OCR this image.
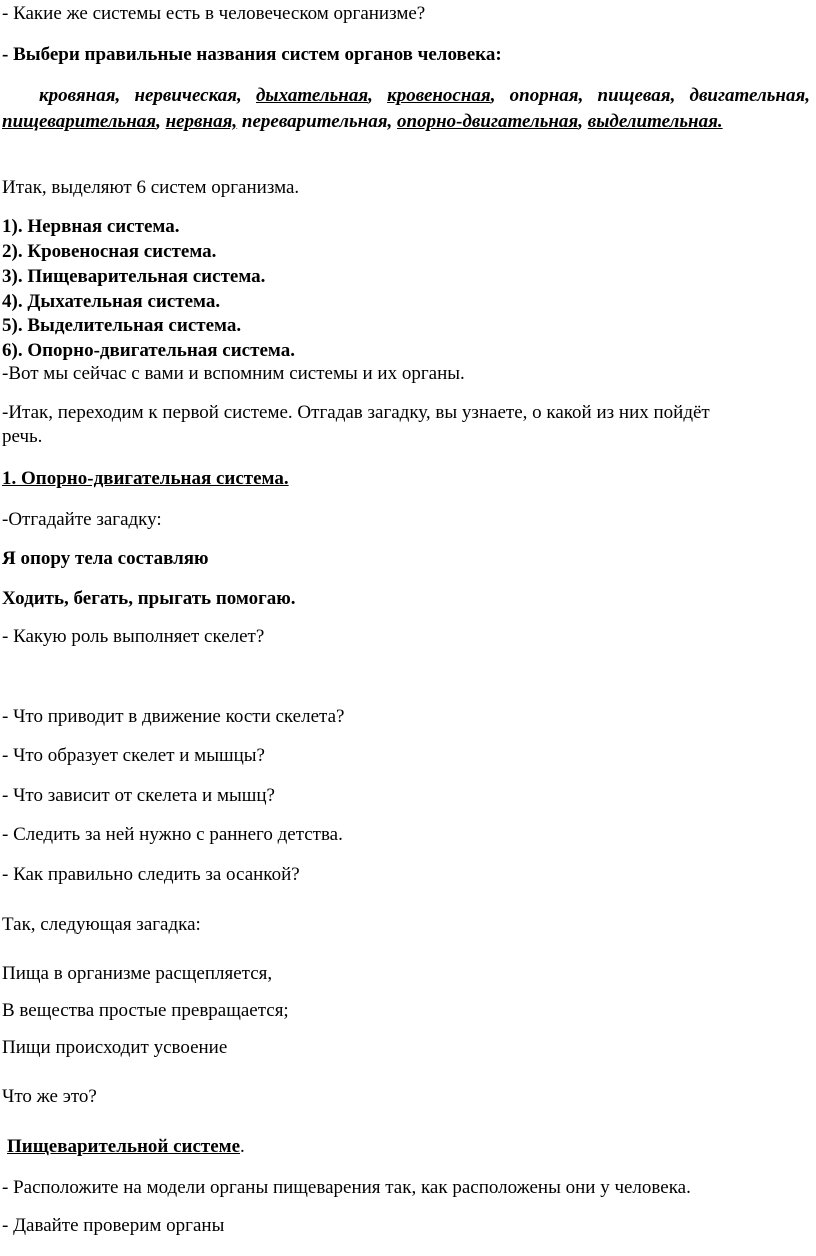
- Какие же системы есть в человеческом организме?
- Выбери правильные названия систем органов человека:
кровяная, нервическая, дыхательная, кровеносная, опорная, пищевая, двигательная, пищеварительная, нервная, переварительная, опорно-двигательная, выделительная.
Итак, выделяют 6 систем организма.
1). Нервная система.
2). Кровеносная система.
3). Пищеварительная система.
4). Дыхательная система.
5). Выделительная система.
6). Опорно-двигательная система.
-Вот мы сейчас с вами и вспомним системы и их органы.
-Итак, переходим к первой системе. Отгадав загадку, вы узнаете, о какой из них пойдёт
речь.
1. Опорно-двигательная система.
-Отгадайте загадку:
Я опору тела составляю
Ходить, бегать, прыгать помогаю.
- Какую роль выполняет скелет?
- Что приводит в движение кости скелета?
- Что образует скелет и мышцы?
- Что зависит от скелета и мышц?
- Следить за ней нужно с раннего детства.
- Как правильно следить за осанкой?
Так, следующая загадка:
Пища в организме расщепляется,
В вещества простые превращается;
Пищи происходит усвоение
Что же это?
Пищеварительной системе.
- Расположите на модели органы пищеварения так, как расположены они у человека.
- Давайте проверим органы
